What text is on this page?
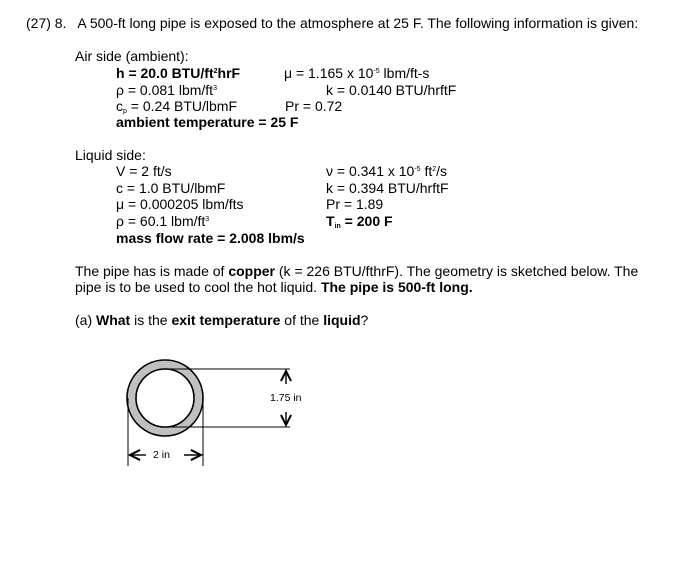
(27) 8. A 500-ft long pipe is exposed to the atmosphere at 25 F. The following information is given:
Air side (ambient):
h = 20.0 BTU/$ft^2hrF$	μ = 1.165 x $10^{-5}$ lbm/ft-s
ρ = 0.081 lbm/$ft^3$	k = 0.0140 BTU/hrftF
$c_p = 0.24$ BTU/lbmF	Pr = 0.72
ambient temperature = 25 F
Liquid side:
V = 2 ft/s	ν = 0.341 x $10^{-5}$ $ft^2/s$
c = 1.0 BTU/lbmF	k = 0.394 BTU/hrftF
μ = 0.000205 lbm/fts	Pr = 1.89
ρ = 60.1 lbm/$ft^3$	$T_{in} = 200$ F
mass flow rate = 2.008 lbm/s
The pipe has is made of copper (k = 226 BTU/fthrF). The geometry is sketched below. The
pipe is to be used to cool the hot liquid. The pipe is 500-ft long.
(a) What is the exit temperature of the liquid?
1.75 in
2 in
